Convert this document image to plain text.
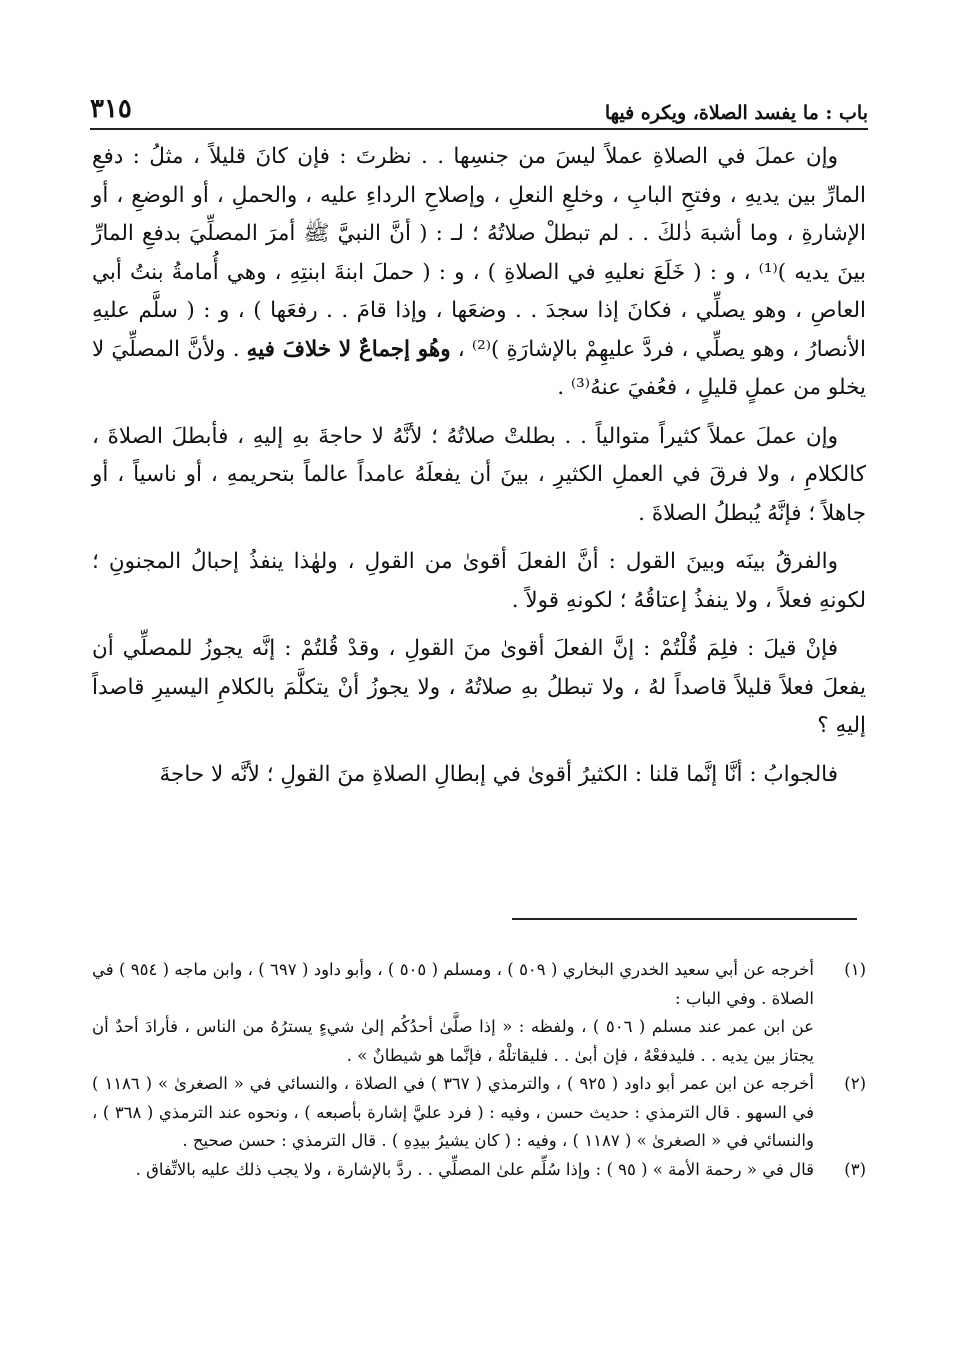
باب : ما يفسد الصلاة، ويكره فيها
٣١٥

وإن عملَ في الصلاةِ عملاً ليسَ من جنسِها . . نظرتَ : فإن كانَ قليلاً ، مثلُ : دفعِ المارِّ بين يديهِ ، وفتحِ البابِ ، وخلعِ النعلِ ، وإصلاحِ الرداءِ عليه ، والحملِ ، أو الوضعِ ، أو الإشارةِ ، وما أشبهَ ذٰلكَ . . لم تبطلْ صلاتُهُ ؛ لـ : ( أنَّ النبيَّ ﷺ أمرَ المصلِّيَ بدفعِ المارِّ بينَ يديه )⁽¹⁾ ، و : ( خَلَعَ نعليهِ في الصلاةِ ) ، و : ( حملَ ابنةَ ابنتِهِ ، وهي أُمامةُ بنتُ أبي العاصِ ، وهو يصلِّي ، فكانَ إذا سجدَ . . وضعَها ، وإذا قامَ . . رفعَها ) ، و : ( سلَّم عليهِ الأنصارُ ، وهو يصلِّي ، فردَّ عليهِمْ بالإشارَةِ )⁽²⁾ ، وهُو إجماعٌ لا خلافَ فيهِ . ولأنَّ المصلِّيَ لا يخلو من عملٍ قليلٍ ، فعُفيَ عنهُ⁽³⁾ .

وإن عملَ عملاً كثيراً متوالياً . . بطلتْ صلاتُهُ ؛ لأنَّهُ لا حاجةَ بهِ إليهِ ، فأبطلَ الصلاةَ ، كالكلامِ ، ولا فرقَ في العملِ الكثيرِ ، بينَ أن يفعلَهُ عامداً عالماً بتحريمهِ ، أو ناسياً ، أو جاهلاً ؛ فإنَّهُ يُبطلُ الصلاةَ .

والفرقُ بينَه وبينَ القول : أنَّ الفعلَ أقوىٰ من القولِ ، ولهٰذا ينفذُ إحبالُ المجنونِ ؛ لكونهِ فعلاً ، ولا ينفذُ إعتاقُهُ ؛ لكونهِ قولاً .

فإنْ قيلَ : فلِمَ قُلْتُمْ : إنَّ الفعلَ أقوىٰ منَ القولِ ، وقدْ قُلتُمْ : إنَّه يجوزُ للمصلِّي أن يفعلَ فعلاً قليلاً قاصداً لهُ ، ولا تبطلُ بهِ صلاتُهُ ، ولا يجوزُ أنْ يتكلَّمَ بالكلامِ اليسيرِ قاصداً إليهِ ؟

فالجوابُ : أنَّا إنَّما قلنا : الكثيرُ أقوىٰ في إبطالِ الصلاةِ منَ القولِ ؛ لأنَّه لا حاجةَ

(١)
أخرجه عن أبي سعيد الخدري البخاري ( ٥٠٩ ) ، ومسلم ( ٥٠٥ ) ، وأبو داود ( ٦٩٧ ) ، وابن ماجه ( ٩٥٤ ) في الصلاة . وفي الباب :
عن ابن عمر عند مسلم ( ٥٠٦ ) ، ولفظه : « إذا صلَّىٰ أحدُكُم إلىٰ شيءٍ يسترُهُ من الناس ، فأرادَ أحدٌ أن يجتاز بين يديه . . فليدفعْهُ ، فإن أبىٰ . . فليقاتلْهُ ، فإنَّما هو شيطانٌ » .
(٢)
أخرجه عن ابن عمر أبو داود ( ٩٢٥ ) ، والترمذي ( ٣٦٧ ) في الصلاة ، والنسائي في « الصغرىٰ » ( ١١٨٦ ) في السهو . قال الترمذي : حديث حسن ، وفيه : ( فرد عليَّ إشارة بأصبعه ) ، ونحوه عند الترمذي ( ٣٦٨ ) ، والنسائي في « الصغرىٰ » ( ١١٨٧ ) ، وفيه : ( كان يشيرُ بيدِهِ ) . قال الترمذي : حسن صحيح .
(٣)
قال في « رحمة الأمة » ( ٩٥ ) : وإذا سُلِّم علىٰ المصلِّي . . ردَّ بالإشارة ، ولا يجب ذلك عليه بالاتِّفاق .
